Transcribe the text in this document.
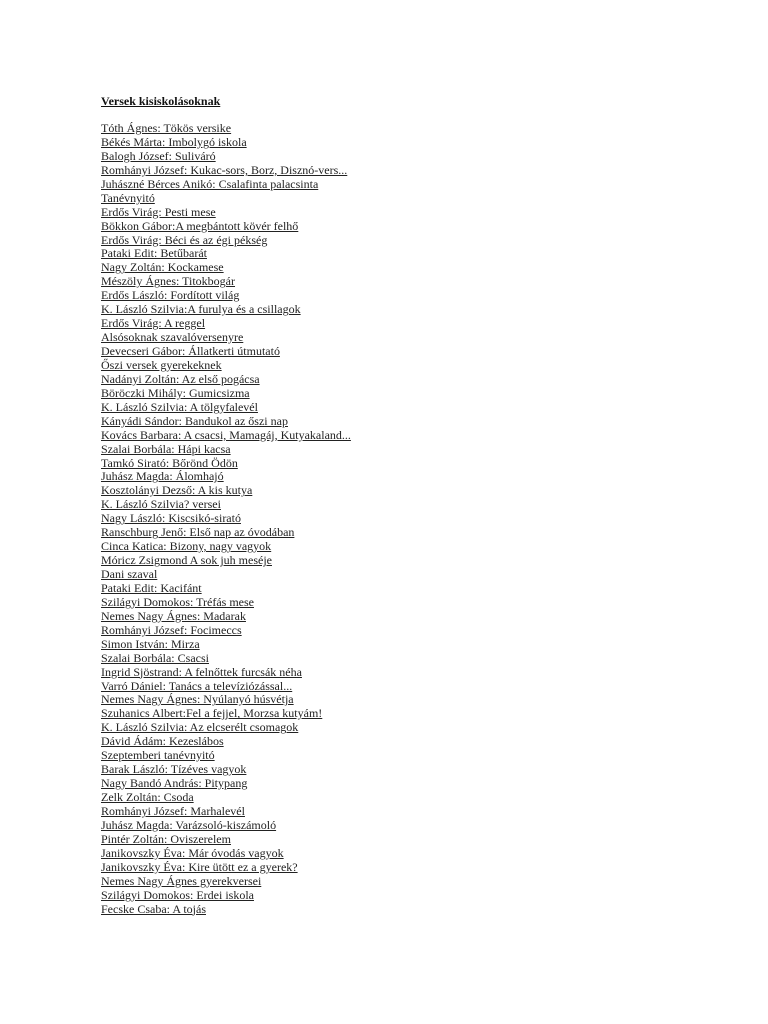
Versek kisiskolásoknak
Tóth Ágnes: Tökös versike
Békés Márta: Imbolygó iskola
Balogh József: Suliváró
Romhányi József: Kukac-sors, Borz, Disznó-vers...
Juhászné Bérces Anikó: Csalafinta palacsinta
Tanévnyitó
Erdős Virág: Pesti mese
Bökkon Gábor:A megbántott kövér felhő
Erdős Virág: Béci és az égi pékség
Pataki Edit: Betűbarát
Nagy Zoltán: Kockamese
Mészöly Ágnes: Titokbogár
Erdős László: Fordított világ
K. László Szilvia:A furulya és a csillagok
Erdős Virág: A reggel
Alsósoknak szavalóversenyre
Devecseri Gábor: Állatkerti útmutató
Őszi versek gyerekeknek
Nadányi Zoltán: Az első pogácsa
Böröczki Mihály: Gumicsizma
K. László Szilvia: A tölgyfalevél
Kányádi Sándor: Bandukol az őszi nap
Kovács Barbara: A csacsi, Mamagáj, Kutyakaland...
Szalai Borbála: Hápi kacsa
Tamkó Sirató: Bőrönd Ödön
Juhász Magda: Álomhajó
Kosztolányi Dezső: A kis kutya
K. László Szilvia? versei
Nagy László: Kiscsikó-sirató
Ranschburg Jenő: Első nap az óvodában
Cinca Katica: Bizony, nagy vagyok
Móricz Zsigmond A sok juh meséje
Dani szaval
Pataki Edit: Kacifánt
Szilágyi Domokos: Tréfás mese
Nemes Nagy Ágnes: Madarak
Romhányi József: Focimeccs
Simon István: Mirza
Szalai Borbála: Csacsi
Ingrid Sjöstrand: A felnőttek furcsák néha
Varró Dániel: Tanács a televíziózással...
Nemes Nagy Ágnes: Nyúlanyó húsvétja
Szuhanics Albert:Fel a fejjel, Morzsa kutyám!
K. László Szilvia: Az elcserélt csomagok
Dávid Ádám: Kezeslábos
Szeptemberi tanévnyitó
Barak László: Tízéves vagyok
Nagy Bandó András: Pitypang
Zelk Zoltán: Csoda
Romhányi József: Marhalevél
Juhász Magda: Varázsoló-kiszámoló
Pintér Zoltán: Oviszerelem
Janikovszky Éva: Már óvodás vagyok
Janikovszky Éva: Kire ütött ez a gyerek?
Nemes Nagy Ágnes gyerekversei
Szilágyi Domokos: Erdei iskola
Fecske Csaba: A tojás
